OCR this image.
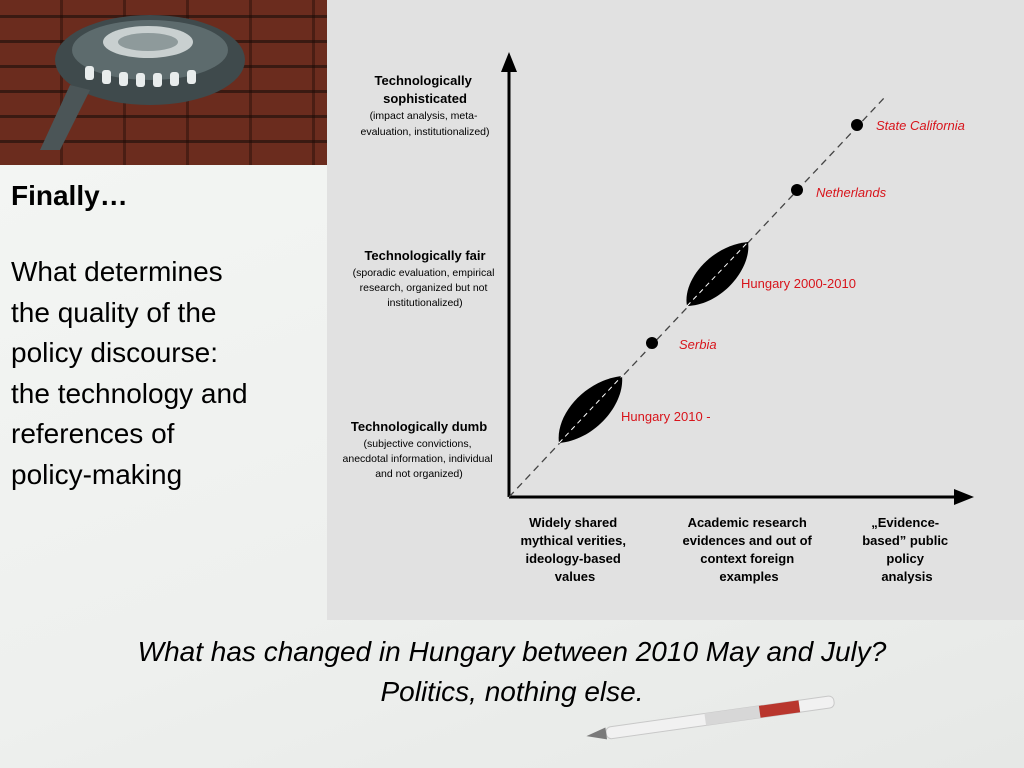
Finally…

What determines
the quality of the
policy discourse:
the technology and
references of
policy-making

Technologically sophisticated
(impact analysis, meta- evaluation, institutionalized)
Technologically fair
(sporadic evaluation, empirical research, organized but not institutionalized)
Technologically dumb
(subjective convictions, anecdotal information, individual and not organized)
Widely shared mythical verities, ideology-based values
Academic research evidences and out of context foreign examples
„Evidence- based” public policy analysis
State California
Netherlands
Hungary 2000-2010
Serbia
Hungary 2010 -
What has changed in Hungary between 2010 May and July?
Politics, nothing else.
